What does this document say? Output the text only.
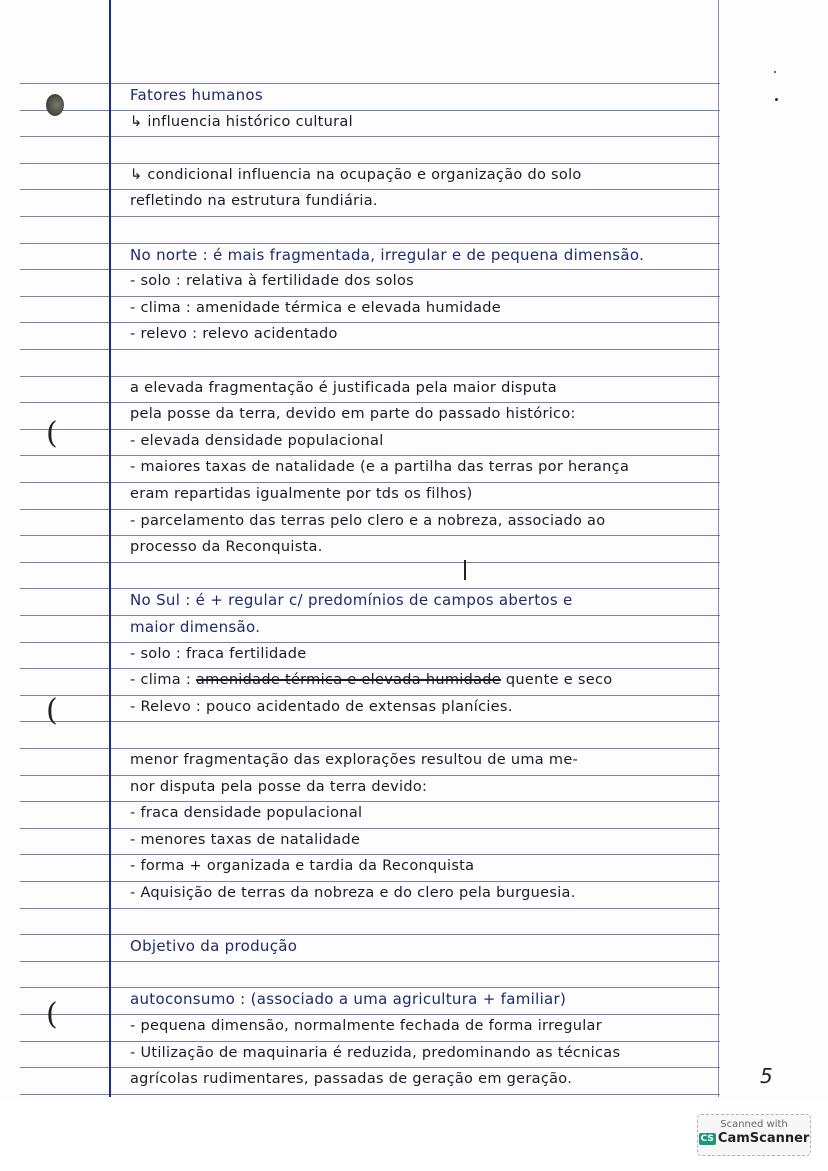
(
(
(
Fatores humanos
↳ influencia histórico cultural
↳ condicional influencia na ocupação e organização do solo
refletindo na estrutura fundiária.
No norte : é mais fragmentada, irregular e de pequena dimensão.
- solo : relativa à fertilidade dos solos
- clima : amenidade térmica e elevada humidade
- relevo : relevo acidentado
a elevada fragmentação é justificada pela maior disputa
pela posse da terra, devido em parte do passado histórico:
- elevada densidade populacional
- maiores taxas de natalidade (e a partilha das terras por herança
eram repartidas igualmente por tds os filhos)
- parcelamento das terras pelo clero e a nobreza, associado ao
processo da Reconquista.
No Sul : é + regular c/ predomínios de campos abertos e
maior dimensão.
- solo : fraca fertilidade
- clima : amenidade térmica e elevada humidade quente e seco
- Relevo : pouco acidentado de extensas planícies.
menor fragmentação das explorações resultou de uma me-
nor disputa pela posse da terra devido:
- fraca densidade populacional
- menores taxas de natalidade
- forma + organizada e tardia da Reconquista
- Aquisição de terras da nobreza e do clero pela burguesia.
Objetivo da produção
autoconsumo : (associado a uma agricultura + familiar)
- pequena dimensão, normalmente fechada de forma irregular
- Utilização de maquinaria é reduzida, predominando as técnicas
agrícolas rudimentares, passadas de geração em geração.	5
Scanned with
CS CamScanner
